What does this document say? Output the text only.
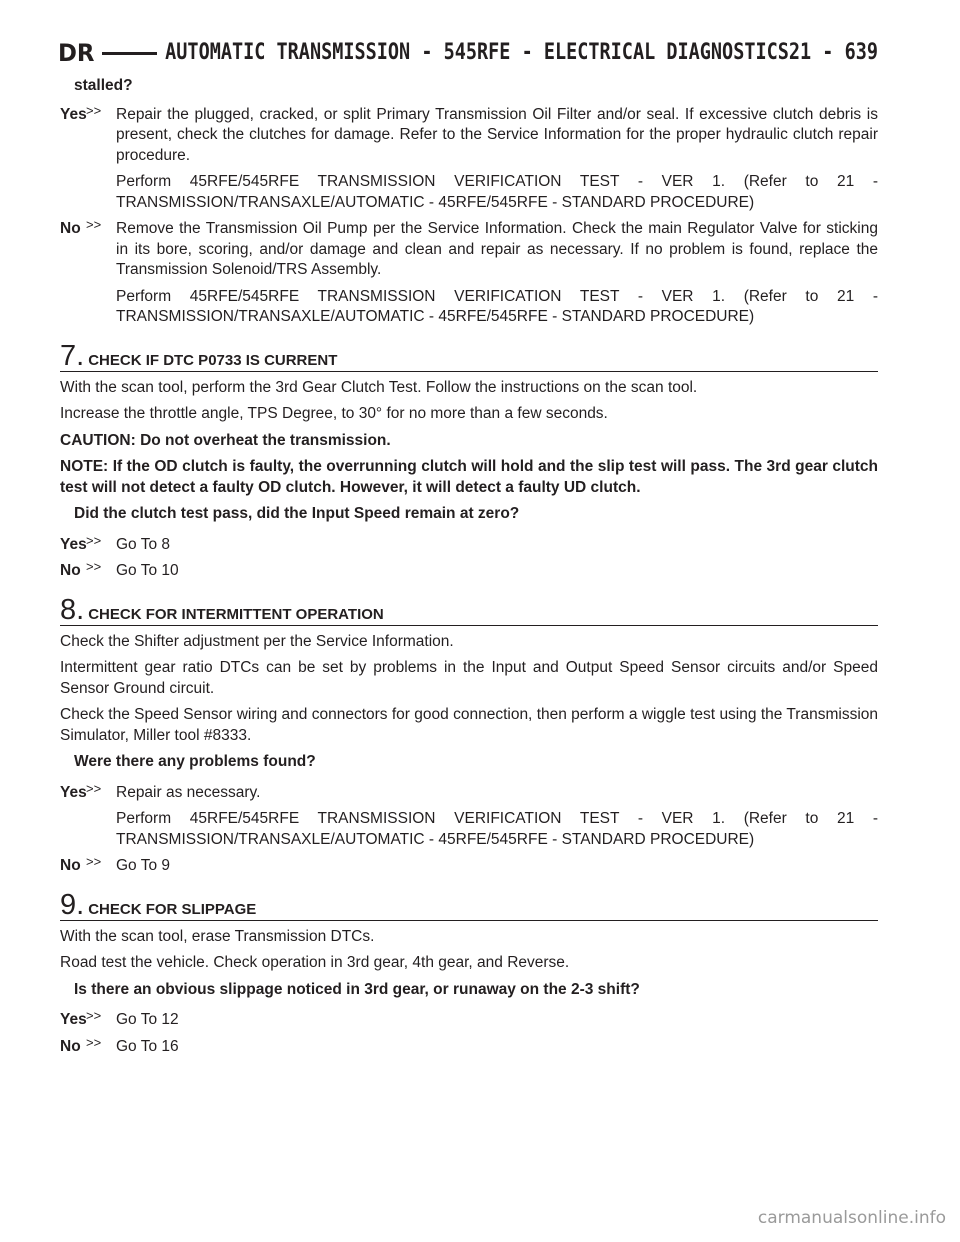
DR	AUTOMATIC TRANSMISSION - 545RFE - ELECTRICAL DIAGNOSTICS 21 - 639

stalled?

Yes >> Repair the plugged, cracked, or split Primary Transmission Oil Filter and/or seal. If excessive clutch debris is present, check the clutches for damage. Refer to the Service Information for the proper hydraulic clutch repair procedure.

Perform 45RFE/545RFE TRANSMISSION VERIFICATION TEST - VER 1. (Refer to 21 - TRANSMISSION/TRANSAXLE/AUTOMATIC - 45RFE/545RFE - STANDARD PROCEDURE)

No >> Remove the Transmission Oil Pump per the Service Information. Check the main Regulator Valve for sticking in its bore, scoring, and/or damage and clean and repair as necessary. If no problem is found, replace the Transmission Solenoid/TRS Assembly.

Perform 45RFE/545RFE TRANSMISSION VERIFICATION TEST - VER 1. (Refer to 21 - TRANSMISSION/TRANSAXLE/AUTOMATIC - 45RFE/545RFE - STANDARD PROCEDURE)

7. CHECK IF DTC P0733 IS CURRENT

With the scan tool, perform the 3rd Gear Clutch Test. Follow the instructions on the scan tool.

Increase the throttle angle, TPS Degree, to 30° for no more than a few seconds.

CAUTION: Do not overheat the transmission.

NOTE: If the OD clutch is faulty, the overrunning clutch will hold and the slip test will pass. The 3rd gear clutch test will not detect a faulty OD clutch. However, it will detect a faulty UD clutch.

Did the clutch test pass, did the Input Speed remain at zero?

Yes >> Go To 8

No >> Go To 10

8. CHECK FOR INTERMITTENT OPERATION

Check the Shifter adjustment per the Service Information.

Intermittent gear ratio DTCs can be set by problems in the Input and Output Speed Sensor circuits and/or Speed Sensor Ground circuit.

Check the Speed Sensor wiring and connectors for good connection, then perform a wiggle test using the Transmission Simulator, Miller tool #8333.

Were there any problems found?

Yes >> Repair as necessary.

Perform 45RFE/545RFE TRANSMISSION VERIFICATION TEST - VER 1. (Refer to 21 - TRANSMISSION/TRANSAXLE/AUTOMATIC - 45RFE/545RFE - STANDARD PROCEDURE)

No >> Go To 9

9. CHECK FOR SLIPPAGE

With the scan tool, erase Transmission DTCs.

Road test the vehicle. Check operation in 3rd gear, 4th gear, and Reverse.

Is there an obvious slippage noticed in 3rd gear, or runaway on the 2-3 shift?

Yes >> Go To 12

No >> Go To 16

carmanualsonline.info
